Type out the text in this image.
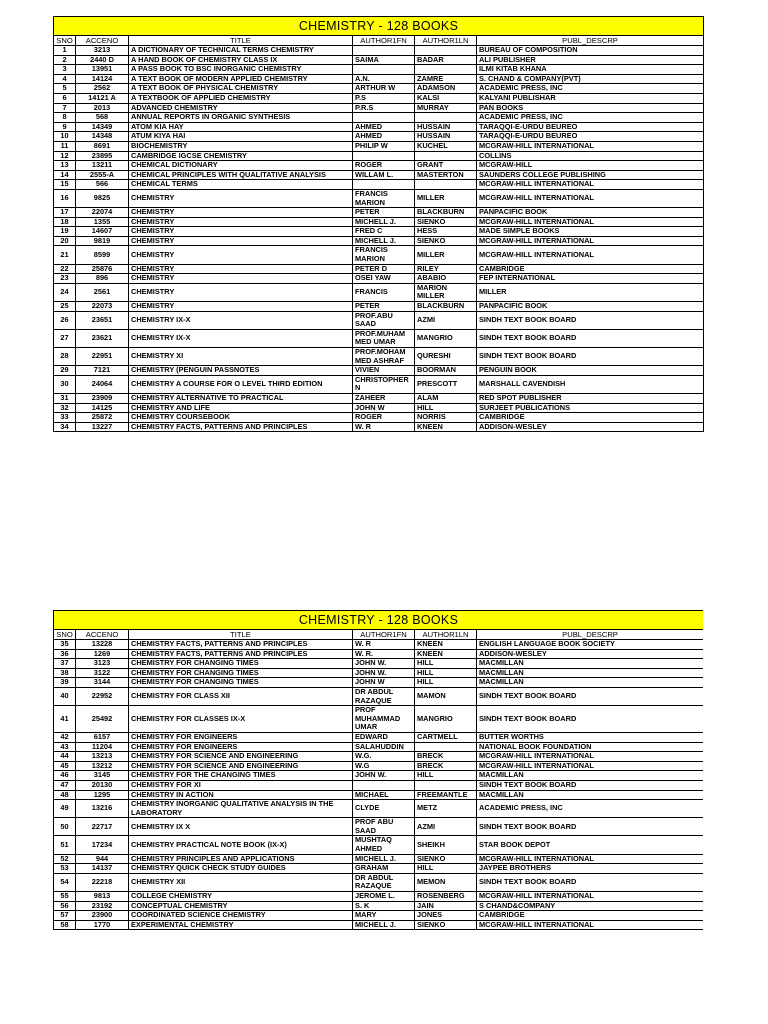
CHEMISTRY - 128 BOOKS					
SNO	ACCENO	TITLE	AUTHOR1FN	AUTHOR1LN	PUBL_DESCRP
1	3213	A DICTIONARY OF TECHNICAL TERMS CHEMISTRY			BUREAU OF COMPOSITION
2	2440 D	A HAND BOOK OF CHEMISTRY CLASS IX	SAIMA	BADAR	ALI PUBLISHER
3	13951	A PASS BOOK TO BSC INORGANIC CHEMISTRY			ILMI KITAB KHANA
4	14124	A TEXT BOOK OF MODERN APPLIED CHEMISTRY	A.N.	ZAMRE	S. CHAND & COMPANY(PVT)
5	2562	A TEXT BOOK OF PHYSICAL CHEMISTRY	ARTHUR W	ADAMSON	ACADEMIC PRESS, INC
6	14121 A	A TEXTBOOK OF APPLIED CHEMISTRY	P.S	KALSI	KALYANI PUBLISHAR
7	2013	ADVANCED CHEMISTRY	P.R.S	MURRAY	PAN BOOKS
8	568	ANNUAL REPORTS IN ORGANIC SYNTHESIS			ACADEMIC PRESS, INC
9	14349	ATOM KIA HAY	AHMED	HUSSAIN	TARAQQI-E-URDU BEUREO
10	14348	ATUM KIYA HAI	AHMED	HUSSAIN	TARAQQI-E-URDU BEUREO
11	8691	BIOCHEMISTRY	PHILIP W	KUCHEL	MCGRAW-HILL INTERNATIONAL
12	23895	CAMBRIDGE IGCSE CHEMISTRY			COLLINS
13	13211	CHEMICAL DICTIONARY	ROGER	GRANT	MCGRAW-HILL
14	2555-A	CHEMICAL PRINCIPLES WITH QUALITATIVE ANALYSIS	WILLAM L.	MASTERTON	SAUNDERS COLLEGE PUBLISHING
15	566	CHEMICAL TERMS			MCGRAW-HILL INTERNATIONAL
16	9825	CHEMISTRY	FRANCIS MARION	MILLER	MCGRAW-HILL INTERNATIONAL
17	22074	CHEMISTRY	PETER	BLACKBURN	PANPACIFIC BOOK
18	1355	CHEMISTRY	MICHELL J.	SIENKO	MCGRAW-HILL INTERNATIONAL
19	14607	CHEMISTRY	FRED C	HESS	MADE SIMPLE BOOKS
20	9819	CHEMISTRY	MICHELL J.	SIENKO	MCGRAW-HILL INTERNATIONAL
21	8599	CHEMISTRY	FRANCIS MARION	MILLER	MCGRAW-HILL INTERNATIONAL
22	25876	CHEMISTRY	PETER D	RILEY	CAMBRIDGE
23	896	CHEMISTRY	OSEI YAW	ABABIO	FEP INTERNATIONAL
24	2561	CHEMISTRY	FRANCIS	MARION MILLER	MILLER
25	22073	CHEMISTRY	PETER	BLACKBURN	PANPACIFIC BOOK
26	23651	CHEMISTRY IX-X	PROF.ABU SAAD	AZMI	SINDH TEXT BOOK BOARD
27	23621	CHEMISTRY IX-X	PROF.MUHAM MED UMAR	MANGRIO	SINDH TEXT BOOK BOARD
28	22951	CHEMISTRY XI	PROF.MOHAM MED ASHRAF	QURESHI	SINDH TEXT BOOK BOARD
29	7121	CHEMISTRY (PENGUIN PASSNOTES	VIVIEN	BOORMAN	PENGUIN BOOK
30	24064	CHEMISTRY A COURSE FOR O LEVEL THIRD EDITION	CHRISTOPHER N	PRESCOTT	MARSHALL CAVENDISH
31	23909	CHEMISTRY ALTERNATIVE TO PRACTICAL	ZAHEER	ALAM	RED SPOT PUBLISHER
32	14125	CHEMISTRY AND LIFE	JOHN W	HILL	SURJEET PUBLICATIONS
33	25872	CHEMISTRY COURSEBOOK	ROGER	NORRIS	CAMBRIDGE
34	13227	CHEMISTRY FACTS, PATTERNS AND PRINCIPLES	W. R	KNEEN	ADDISON-WESLEY
CHEMISTRY - 128 BOOKS					
SNO	ACCENO	TITLE	AUTHOR1FN	AUTHOR1LN	PUBL_DESCRP
35	13228	CHEMISTRY FACTS, PATTERNS AND PRINCIPLES	W. R	KNEEN	ENGLISH LANGUAGE BOOK SOCIETY
36	1269	CHEMISTRY FACTS, PATTERNS AND PRINCIPLES	W. R.	KNEEN	ADDISON-WESLEY
37	3123	CHEMISTRY FOR CHANGING TIMES	JOHN W.	HILL	MACMILLAN
38	3122	CHEMISTRY FOR CHANGING TIMES	JOHN W.	HILL	MACMILLAN
39	3144	CHEMISTRY FOR CHANGING TIMES	JOHN W	HILL	MACMILLAN
40	22952	CHEMISTRY FOR CLASS XII	DR ABDUL RAZAQUE	MAMON	SINDH TEXT BOOK BOARD
41	25492	CHEMISTRY FOR CLASSES IX-X	PROF MUHAMMAD UMAR	MANGRIO	SINDH TEXT BOOK BOARD
42	6157	CHEMISTRY FOR ENGINEERS	EDWARD	CARTMELL	BUTTER WORTHS
43	11204	CHEMISTRY FOR ENGINEERS	SALAHUDDIN		NATIONAL BOOK FOUNDATION
44	13213	CHEMISTRY FOR SCIENCE AND ENGINEERING	W.G.	BRECK	MCGRAW-HILL INTERNATIONAL
45	13212	CHEMISTRY FOR SCIENCE AND ENGINEERING	W.G	BRECK	MCGRAW-HILL INTERNATIONAL
46	3145	CHEMISTRY FOR THE CHANGING TIMES	JOHN W.	HILL	MACMILLAN
47	20130	CHEMISTRY FOR XI			SINDH TEXT BOOK BOARD
48	1295	CHEMISTRY IN ACTION	MICHAEL	FREEMANTLE	MACMILLAN
49	13216	CHEMISTRY INORGANIC QUALITATIVE ANALYSIS IN THE LABORATORY	CLYDE	METZ	ACADEMIC PRESS, INC
50	22717	CHEMISTRY IX X	PROF ABU SAAD	AZMI	SINDH TEXT BOOK BOARD
51	17234	CHEMISTRY PRACTICAL NOTE BOOK (IX-X)	MUSHTAQ AHMED	SHEIKH	STAR BOOK DEPOT
52	944	CHEMISTRY PRINCIPLES AND APPLICATIONS	MICHELL J.	SIENKO	MCGRAW-HILL INTERNATIONAL
53	14137	CHEMISTRY QUICK CHECK STUDY GUIDES	GRAHAM	HILL	JAYPEE BROTHERS
54	22218	CHEMISTRY XII	DR ABDUL RAZAQUE	MEMON	SINDH TEXT BOOK BOARD
55	9813	COLLEGE CHEMISTRY	JEROME L.	ROSENBERG	MCGRAW-HILL INTERNATIONAL
56	23192	CONCEPTUAL CHEMISTRY	S. K	JAIN	S CHAND&COMPANY
57	23900	COORDINATED SCIENCE CHEMISTRY	MARY	JONES	CAMBRIDGE
58	1770	EXPERIMENTAL CHEMISTRY	MICHELL J.	SIENKO	MCGRAW-HILL INTERNATIONAL
